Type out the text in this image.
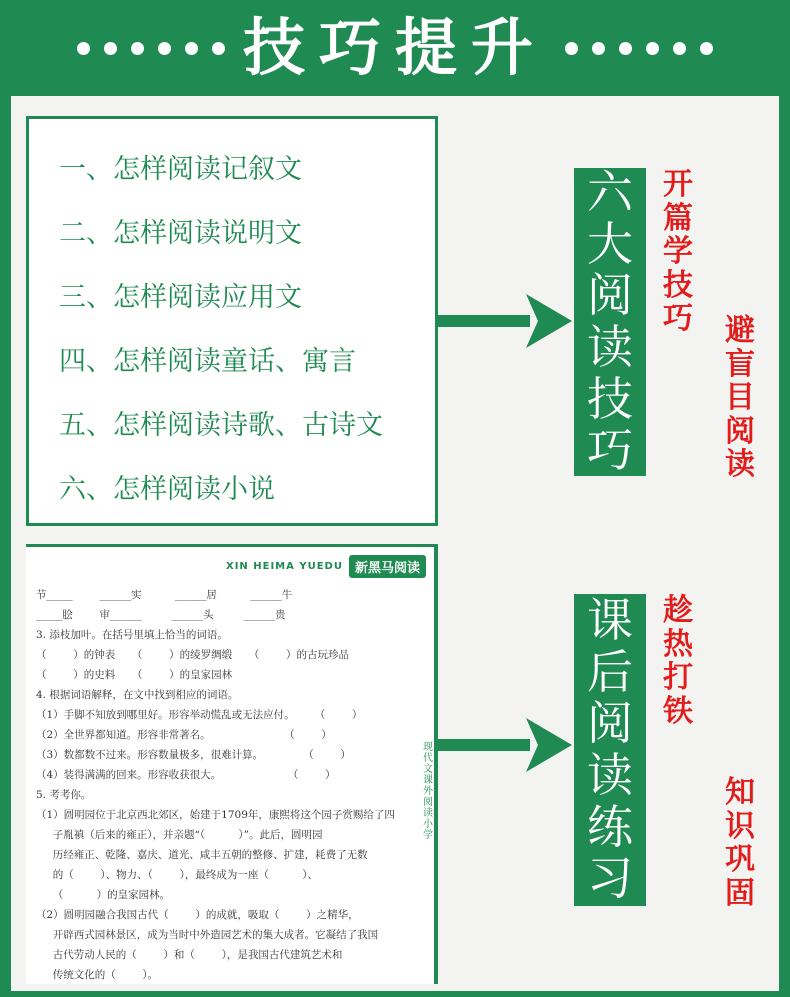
技巧提升
一、怎样阅读记叙文
二、怎样阅读说明文
三、怎样阅读应用文
四、怎样阅读童话、寓言
五、怎样阅读诗歌、古诗文
六、怎样阅读小说
六
大
阅
读
技
巧
课
后
阅
读
练
习
开
篇
学
技
巧 避
盲
目
阅
读
趁
热
打
铁
知
识
巩
固
XIN HEIMA YUEDU 新黑马阅读
节_____        ______实          ______居          ______牛
_____脍        审______         ______头         ______贵
3. 添枝加叶。在括号里填上恰当的词语。
（        ）的钟表     （        ）的绫罗绸缎     （        ）的古玩珍品
（        ）的史料     （        ）的皇家园林
4. 根据词语解释，在文中找到相应的词语。
（1）手脚不知放到哪里好。形容举动慌乱或无法应付。      （        ）
（2）全世界都知道。形容非常著名。                      （        ）
（3）数都数不过来。形容数量极多，很难计算。            （        ）
（4）装得满满的回来。形容收获很大。                    （        ）
5. 考考你。
（1）圆明园位于北京西北郊区，始建于1709年，康熙将这个园子赏赐给了四
子胤禛（后来的雍正），并亲题“（          ）”。此后，圆明园
历经雍正、乾隆、嘉庆、道光、咸丰五朝的整修、扩建，耗费了无数
的（        ）、物力、（        ），最终成为一座（          ）、
（          ）的皇家园林。
（2）圆明园融合我国古代（        ）的成就，吸取（        ）之精华，
开辟西式园林景区，成为当时中外造园艺术的集大成者。它凝结了我国
古代劳动人民的（        ）和（        ），是我国古代建筑艺术和
传统文化的（        ）。
现
代
文
课
外
阅
读
小
学
